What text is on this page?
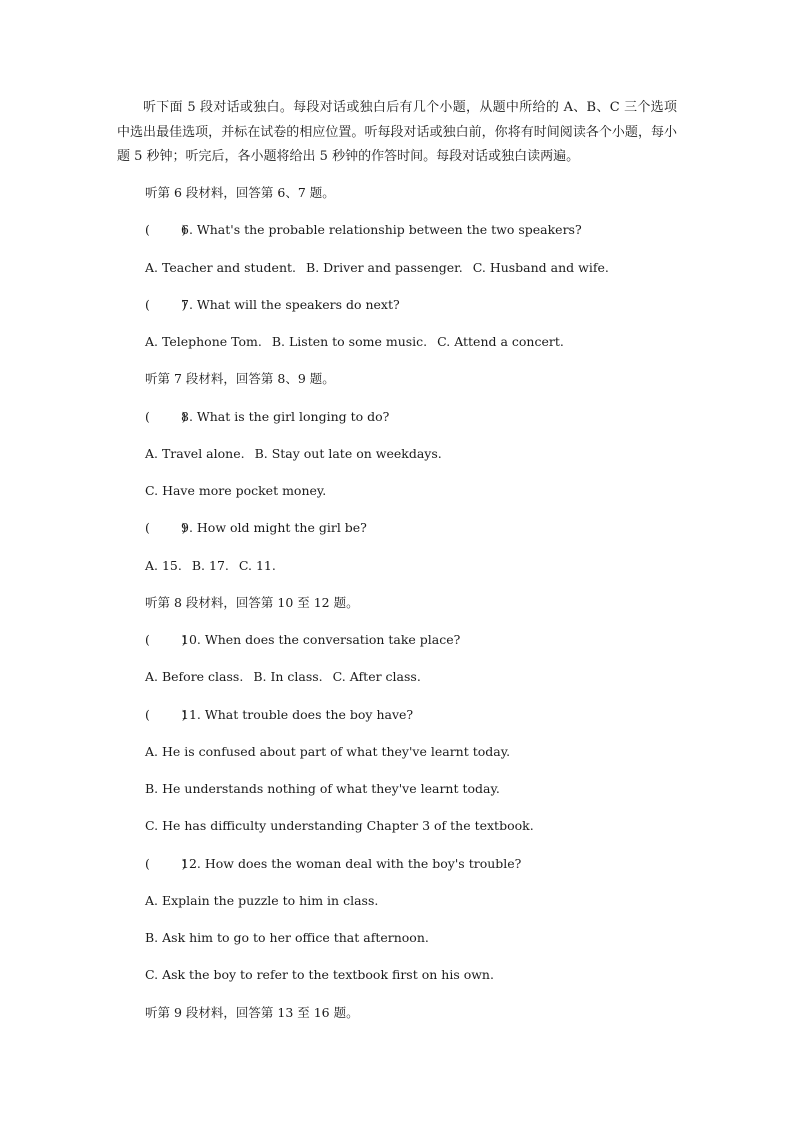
听下面 5 段对话或独白。每段对话或独白后有几个小题，从题中所给的 A、B、C 三个选项中选出最佳选项，并标在试卷的相应位置。听每段对话或独白前，你将有时间阅读各个小题，每小题 5 秒钟；听完后，各小题将给出 5 秒钟的作答时间。每段对话或独白读两遍。

听第 6 段材料，回答第 6、7 题。

(        )6. What's the probable relationship between the two speakers?

A. Teacher and student. B. Driver and passenger. C. Husband and wife.

(        )7. What will the speakers do next?

A. Telephone Tom. B. Listen to some music. C. Attend a concert.

听第 7 段材料，回答第 8、9 题。

(        )8. What is the girl longing to do?

A. Travel alone. B. Stay out late on weekdays.

C. Have more pocket money.

(        )9. How old might the girl be?

A. 15. B. 17. C. 11.

听第 8 段材料，回答第 10 至 12 题。

(        )10. When does the conversation take place?

A. Before class. B. In class. C. After class.

(        )11. What trouble does the boy have?

A. He is confused about part of what they've learnt today.

B. He understands nothing of what they've learnt today.

C. He has difficulty understanding Chapter 3 of the textbook.

(        )12. How does the woman deal with the boy's trouble?

A. Explain the puzzle to him in class.

B. Ask him to go to her office that afternoon.

C. Ask the boy to refer to the textbook first on his own.

听第 9 段材料，回答第 13 至 16 题。
